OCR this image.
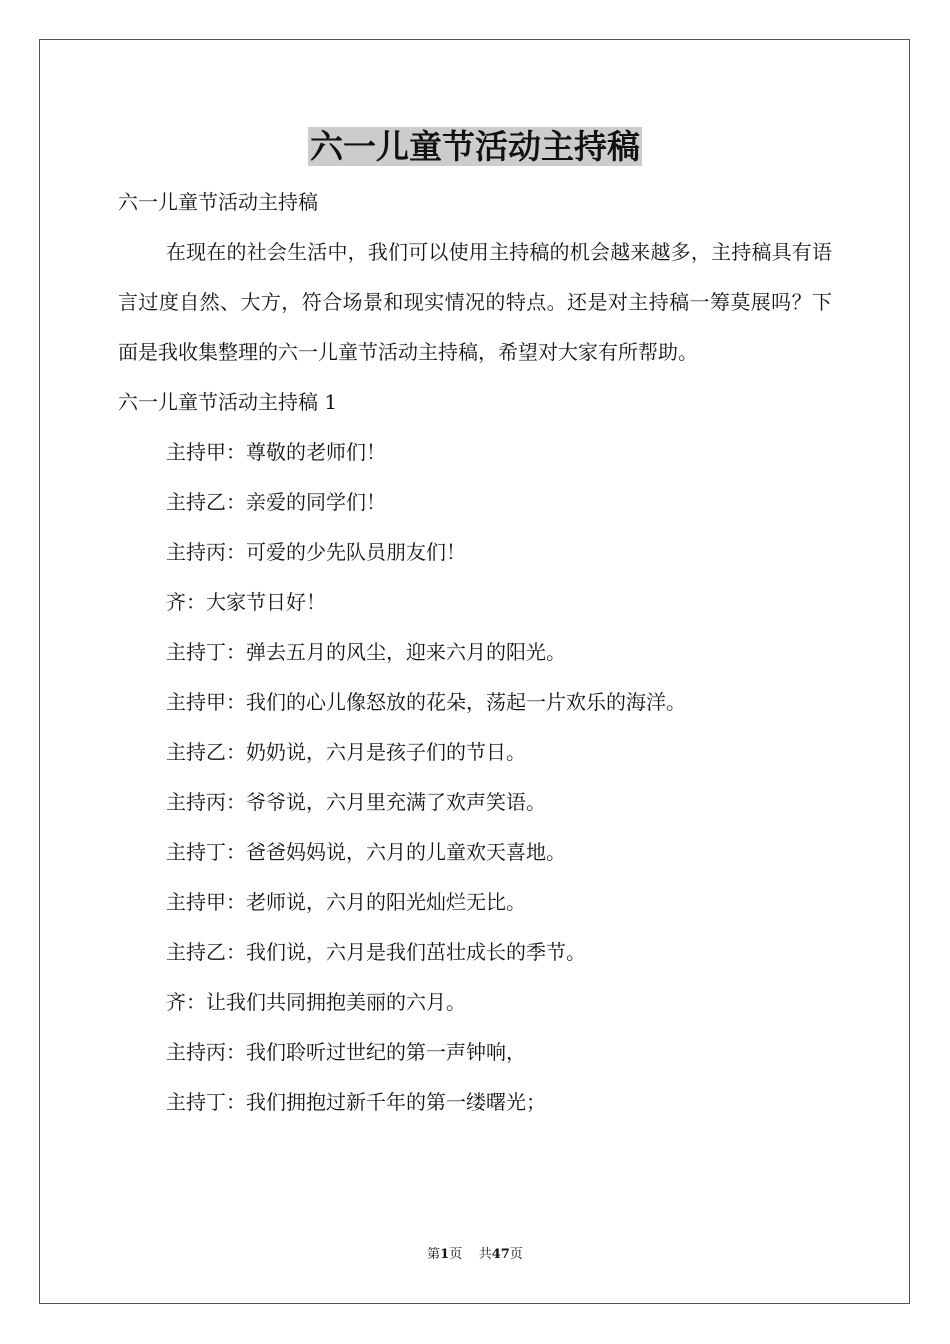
六一儿童节活动主持稿

六一儿童节活动主持稿

在现在的社会生活中，我们可以使用主持稿的机会越来越多，主持稿具有语言过度自然、大方，符合场景和现实情况的特点。还是对主持稿一筹莫展吗？下面是我收集整理的六一儿童节活动主持稿，希望对大家有所帮助。

六一儿童节活动主持稿 1

主持甲：尊敬的老师们！

主持乙：亲爱的同学们！

主持丙：可爱的少先队员朋友们！

齐：大家节日好！

主持丁：弹去五月的风尘，迎来六月的阳光。

主持甲：我们的心儿像怒放的花朵，荡起一片欢乐的海洋。

主持乙：奶奶说，六月是孩子们的节日。

主持丙：爷爷说，六月里充满了欢声笑语。

主持丁：爸爸妈妈说，六月的儿童欢天喜地。

主持甲：老师说，六月的阳光灿烂无比。

主持乙：我们说，六月是我们茁壮成长的季节。

齐：让我们共同拥抱美丽的六月。

主持丙：我们聆听过世纪的第一声钟响，

主持丁：我们拥抱过新千年的第一缕曙光；

第1页 共47页
